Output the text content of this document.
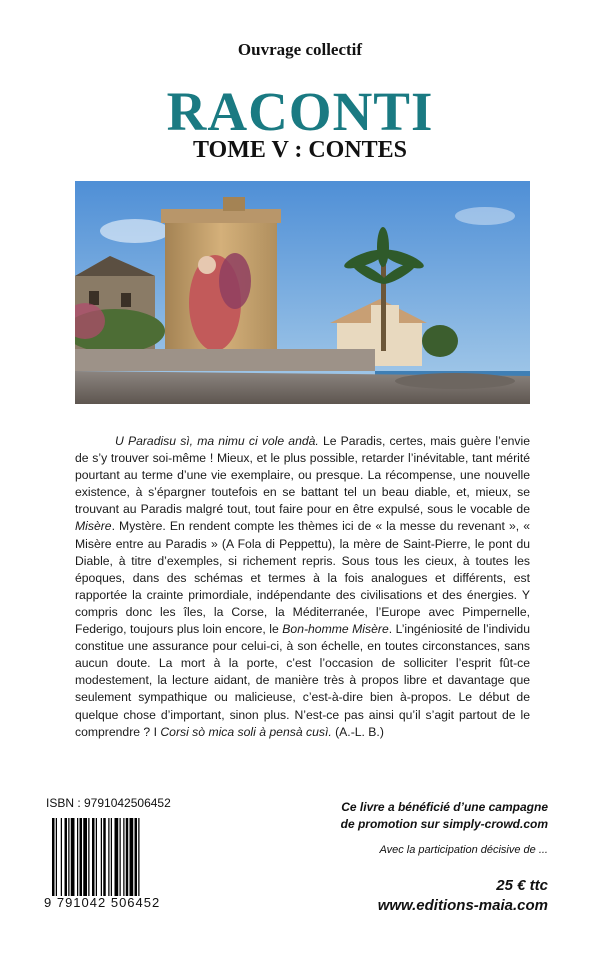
Ouvrage collectif
RACONTI
TOME V : CONTES
U Paradisu sì, ma nimu ci vole andà. Le Paradis, certes, mais guère l’envie de s’y trouver soi-même ! Mieux, et le plus possible, retarder l’inévitable, tant mérité pourtant au terme d’une vie exemplaire, ou presque. La récompense, une nouvelle existence, à s’épargner toutefois en se battant tel un beau diable, et, mieux, se trouvant au Paradis malgré tout, tout faire pour en être expulsé, sous le vocable de Misère. Mystère. En rendent compte les thèmes ici de « la messe du revenant », « Misère entre au Paradis » (A Fola di Peppettu), la mère de Saint-Pierre, le pont du Diable, à titre d’exemples, si richement repris. Sous tous les cieux, à toutes les époques, dans des schémas et termes à la fois analogues et différents, est rapportée la crainte primordiale, indépendante des civilisations et des énergies. Y compris donc les îles, la Corse, la Méditerranée, l’Europe avec Pimpernelle, Federigo, toujours plus loin encore, le Bon-homme Misère. L’ingéniosité de l’individu constitue une assurance pour celui-ci, à son échelle, en toutes circonstances, sans aucun doute. La mort à la porte, c’est l’occasion de solliciter l’esprit fût-ce modestement, la lecture aidant, de manière très à propos libre et davantage que seulement sympathique ou malicieuse, c’est-à-dire bien à-propos. Le début de quelque chose d’important, sinon plus. N’est-ce pas ainsi qu’il s’agit partout de le comprendre ? I Corsi sò mica soli à pensà cusì. (A.-L. B.)
ISBN : 9791042506452
9 791042 506452
Ce livre a bénéficié d’une campagne
de promotion sur simply-crowd.com
Avec la participation décisive de ...
25 € ttc
www.editions-maia.com
